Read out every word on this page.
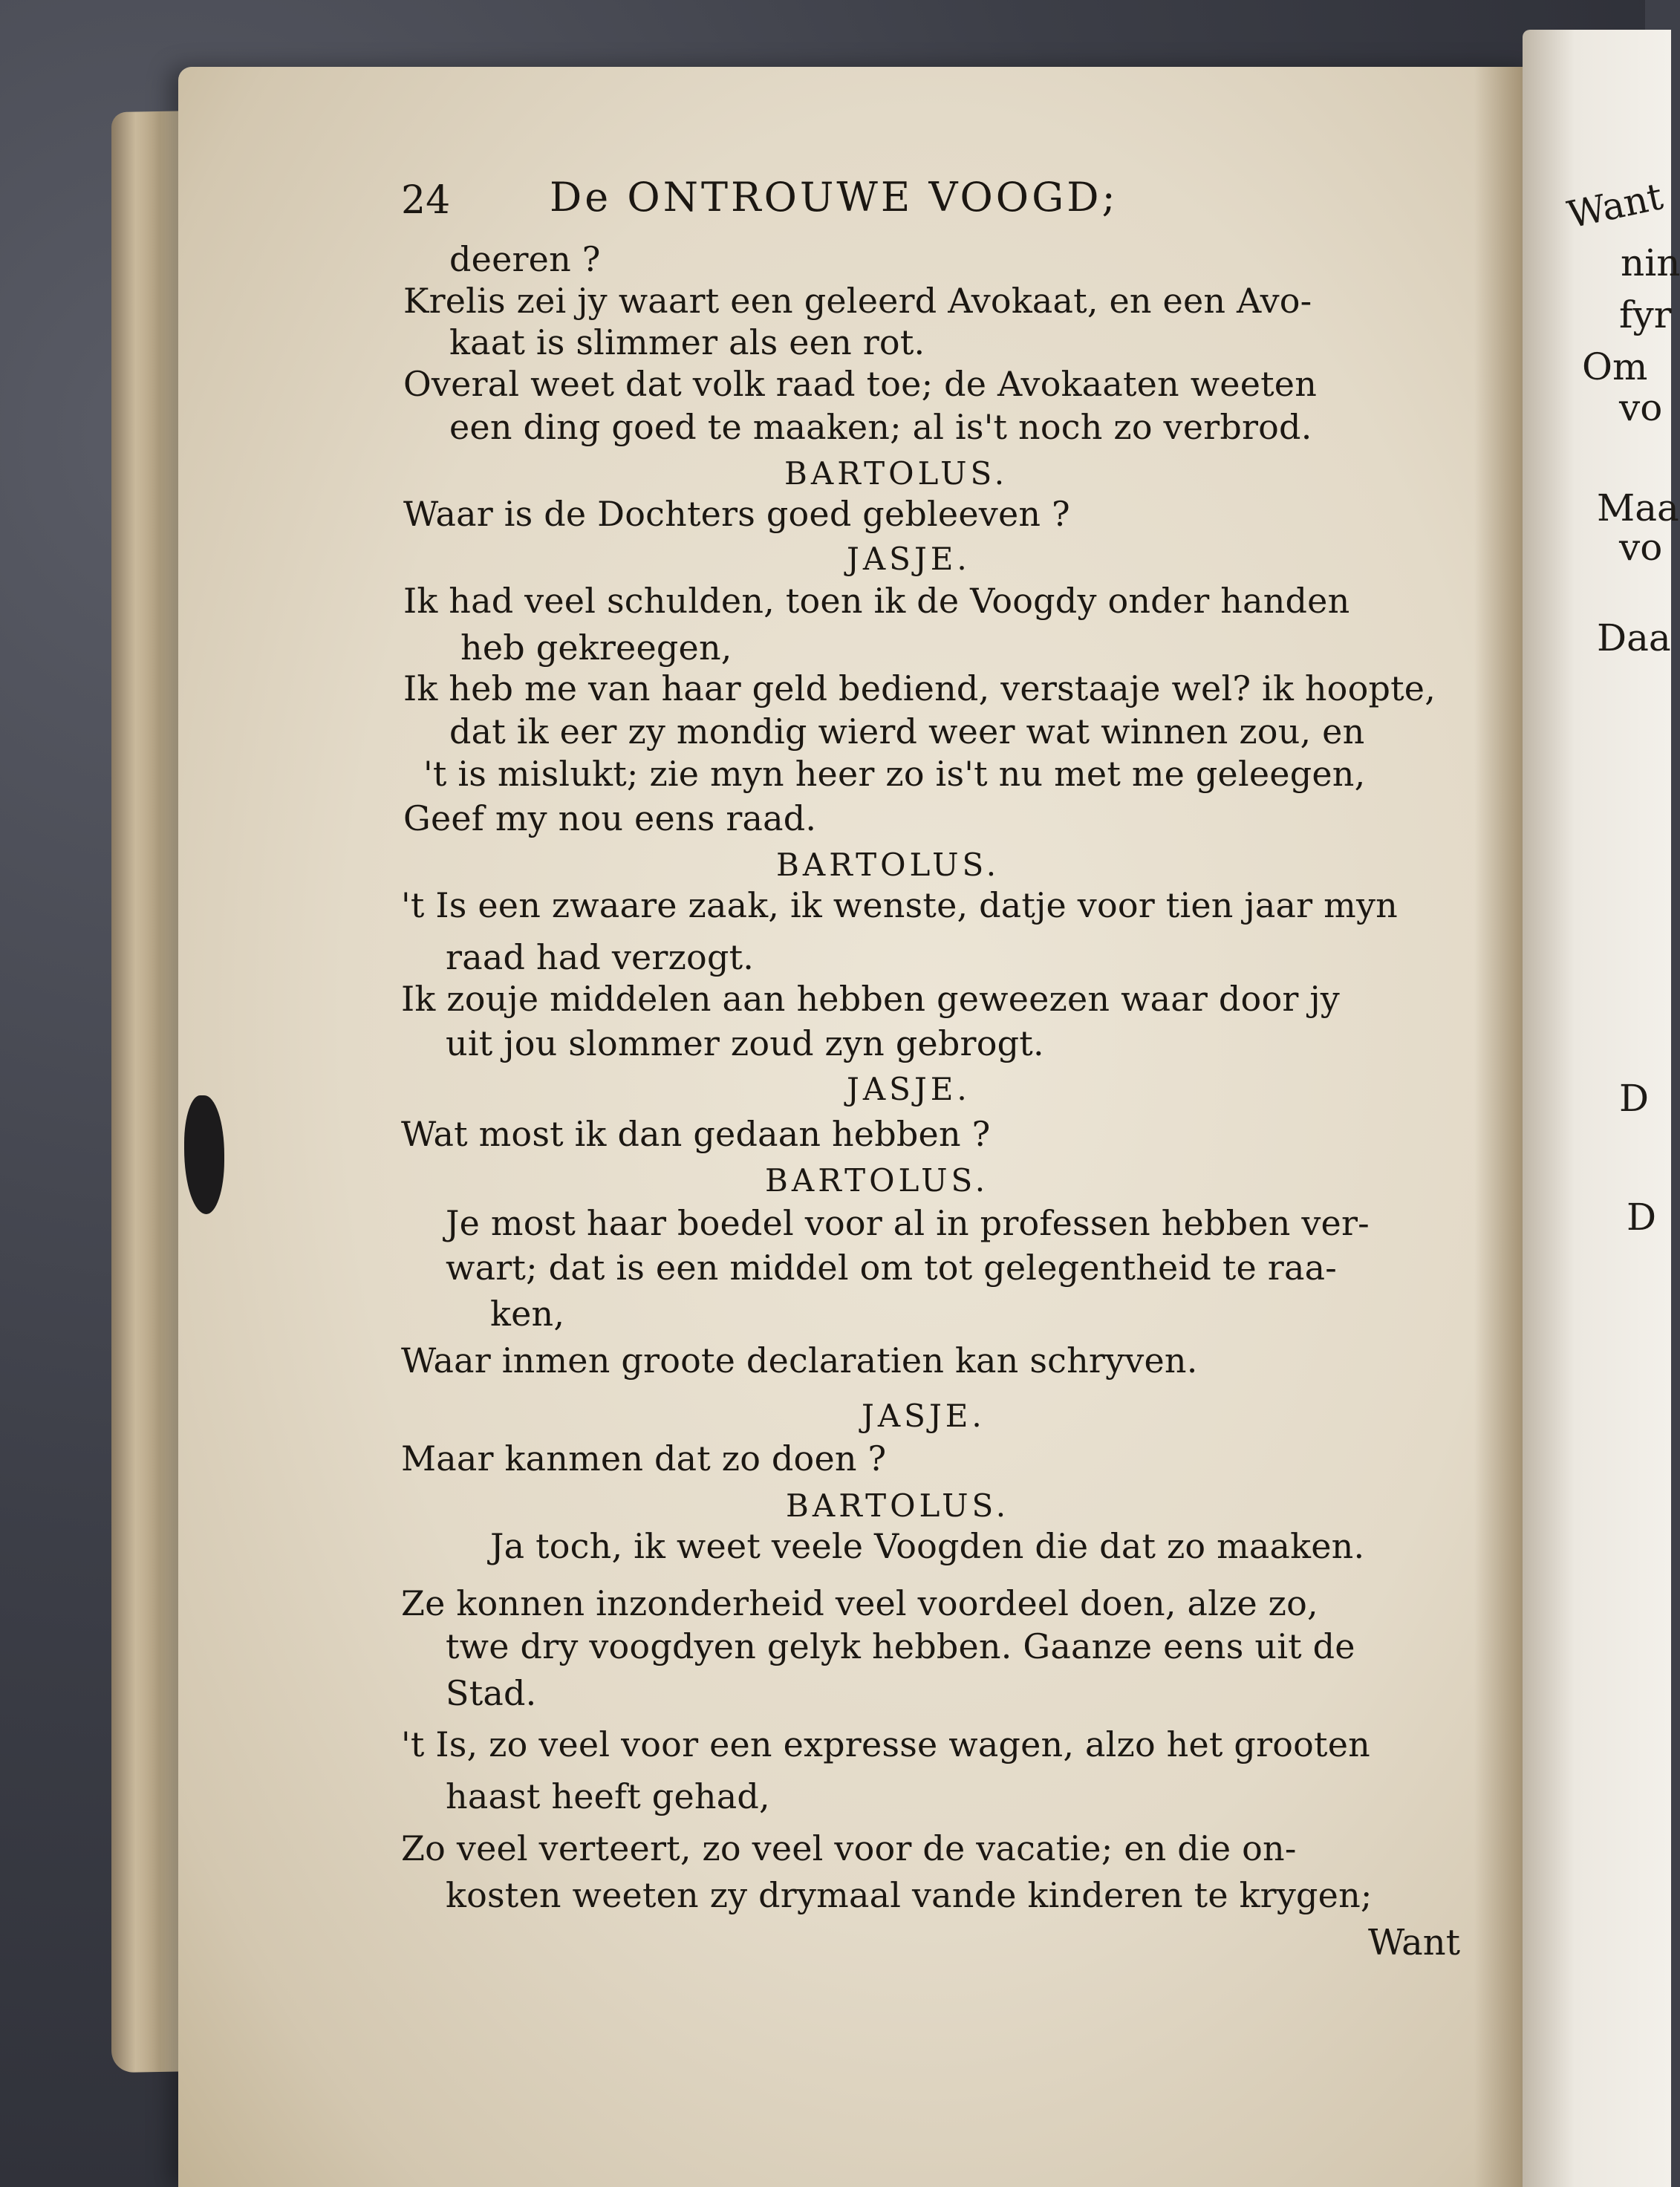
Want
nin
fyr
Om
vo
Maa
vo
Daa
D
D
24 De ONTROUWE VOOGD;
deeren ?
Krelis zei jy waart een geleerd Avokaat, en een Avo-
kaat is slimmer als een rot.
Overal weet dat volk raad toe; de Avokaaten weeten
een ding goed te maaken; al is't noch zo verbrod.
BARTOLUS.
Waar is de Dochters goed gebleeven ?
JASJE.
Ik had veel schulden, toen ik de Voogdy onder handen
heb gekreegen,
Ik heb me van haar geld bediend, verstaaje wel? ik hoopte,
dat ik eer zy mondig wierd weer wat winnen zou, en
't is mislukt; zie myn heer zo is't nu met me geleegen,
Geef my nou eens raad.
BARTOLUS.
't Is een zwaare zaak, ik wenste, datje voor tien jaar myn
raad had verzogt.
Ik zouje middelen aan hebben geweezen waar door jy
uit jou slommer zoud zyn gebrogt.
JASJE.
Wat most ik dan gedaan hebben ?
BARTOLUS.
Je most haar boedel voor al in professen hebben ver-
wart; dat is een middel om tot gelegentheid te raa-
ken,
Waar inmen groote declaratien kan schryven.
JASJE.
Maar kanmen dat zo doen ?
BARTOLUS.
Ja toch, ik weet veele Voogden die dat zo maaken.
Ze konnen inzonderheid veel voordeel doen, alze zo,
twe dry voogdyen gelyk hebben. Gaanze eens uit de
Stad.
't Is, zo veel voor een expresse wagen, alzo het grooten
haast heeft gehad,
Zo veel verteert, zo veel voor de vacatie; en die on-
kosten weeten zy drymaal vande kinderen te krygen;
Want
